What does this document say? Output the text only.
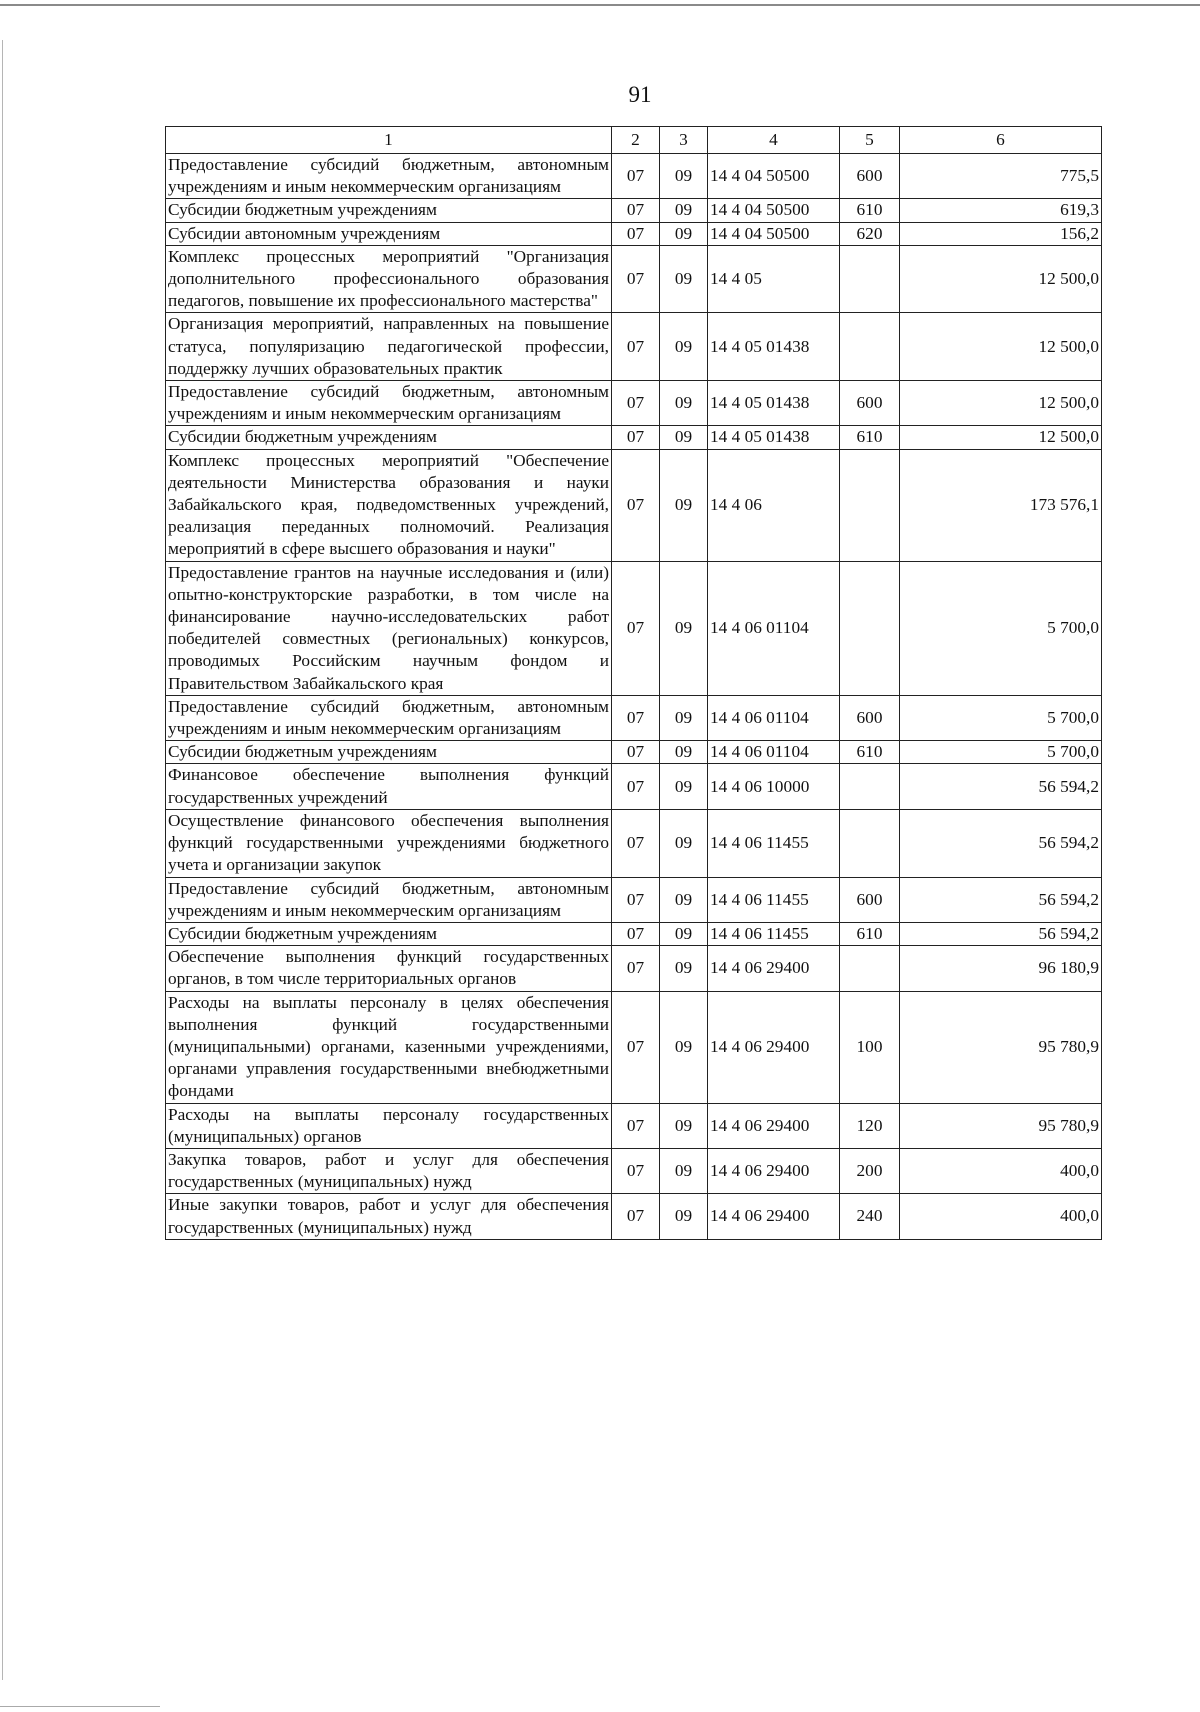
91
1	2	3	4	5	6
Предоставление субсидий бюджетным, автономным учреждениям и иным некоммерческим организациям	07	09	14 4 04 50500	600	775,5
Субсидии бюджетным учреждениям	07	09	14 4 04 50500	610	619,3
Субсидии автономным учреждениям	07	09	14 4 04 50500	620	156,2
Комплекс процессных мероприятий "Организация дополнительного профессионального образования педагогов, повышение их профессионального мастерства"	07	09	14 4 05		12 500,0
Организация мероприятий, направленных на повышение статуса, популяризацию педагогической профессии, поддержку лучших образовательных практик	07	09	14 4 05 01438		12 500,0
Предоставление субсидий бюджетным, автономным учреждениям и иным некоммерческим организациям	07	09	14 4 05 01438	600	12 500,0
Субсидии бюджетным учреждениям	07	09	14 4 05 01438	610	12 500,0
Комплекс процессных мероприятий "Обеспечение деятельности Министерства образования и науки Забайкальского края, подведомственных учреждений, реализация переданных полномочий. Реализация мероприятий в сфере высшего образования и науки"	07	09	14 4 06		173 576,1
Предоставление грантов на научные исследования и (или) опытно-конструкторские разработки, в том числе на финансирование научно-исследовательских работ победителей совместных (региональных) конкурсов, проводимых Российским научным фондом и Правительством Забайкальского края	07	09	14 4 06 01104		5 700,0
Предоставление субсидий бюджетным, автономным учреждениям и иным некоммерческим организациям	07	09	14 4 06 01104	600	5 700,0
Субсидии бюджетным учреждениям	07	09	14 4 06 01104	610	5 700,0
Финансовое обеспечение выполнения функций государственных учреждений	07	09	14 4 06 10000		56 594,2
Осуществление финансового обеспечения выполнения функций государственными учреждениями бюджетного учета и организации закупок	07	09	14 4 06 11455		56 594,2
Предоставление субсидий бюджетным, автономным учреждениям и иным некоммерческим организациям	07	09	14 4 06 11455	600	56 594,2
Субсидии бюджетным учреждениям	07	09	14 4 06 11455	610	56 594,2
Обеспечение выполнения функций государственных органов, в том числе территориальных органов	07	09	14 4 06 29400		96 180,9
Расходы на выплаты персоналу в целях обеспечения выполнения функций государственными (муниципальными) органами, казенными учреждениями, органами управления государственными внебюджетными фондами	07	09	14 4 06 29400	100	95 780,9
Расходы на выплаты персоналу государственных (муниципальных) органов	07	09	14 4 06 29400	120	95 780,9
Закупка товаров, работ и услуг для обеспечения государственных (муниципальных) нужд	07	09	14 4 06 29400	200	400,0
Иные закупки товаров, работ и услуг для обеспечения государственных (муниципальных) нужд	07	09	14 4 06 29400	240	400,0
